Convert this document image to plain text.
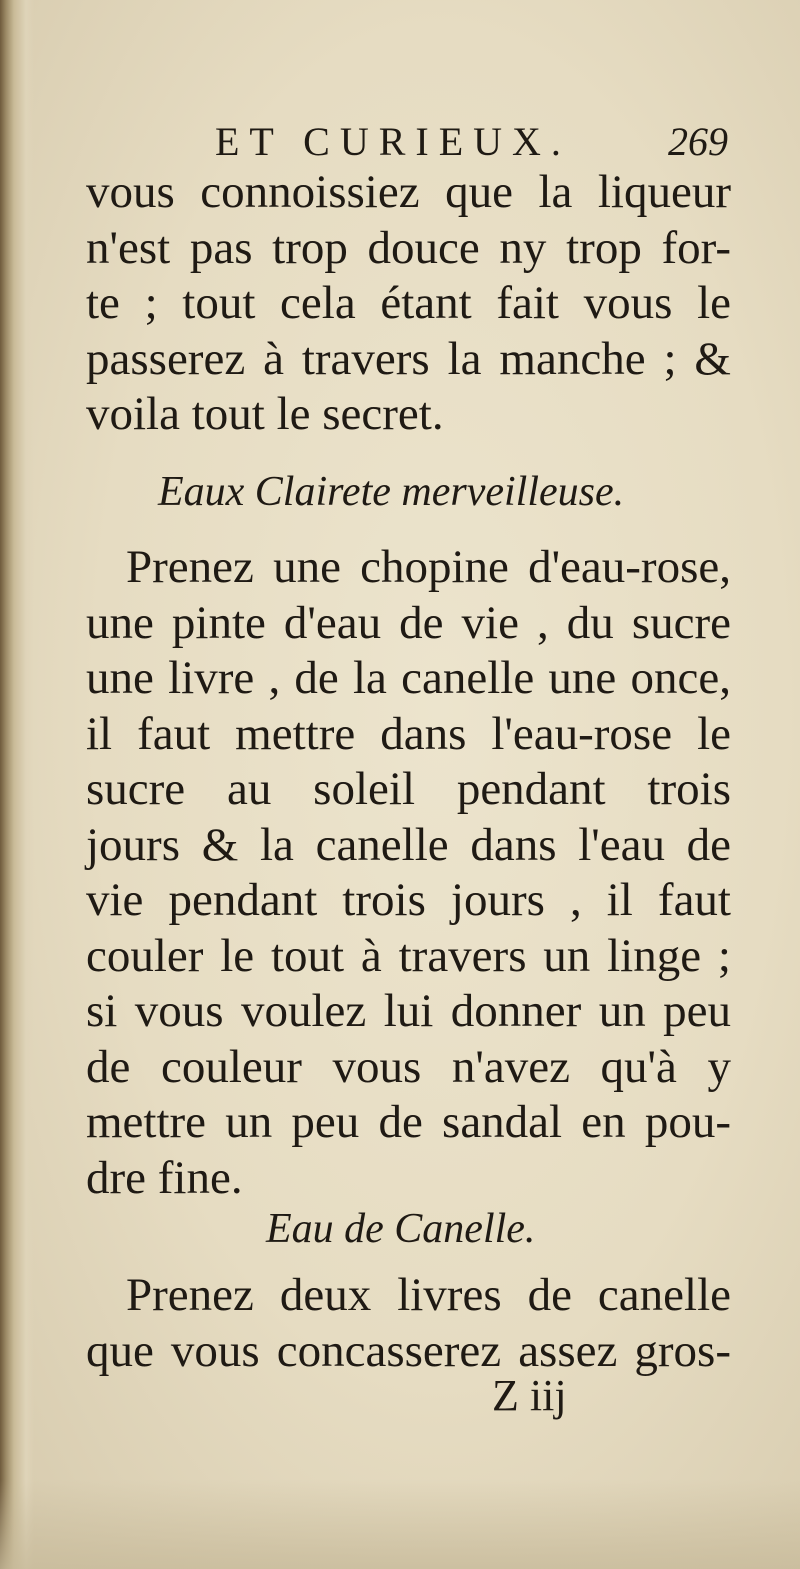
ET CURIEUX. 269
vous connoissiez que la liqueur
n'est pas trop douce ny trop for-
te ; tout cela étant fait vous le
passerez à travers la manche ; &
voila tout le secret.
Eaux Clairete merveilleuse.
Prenez une chopine d'eau-rose,
une pinte d'eau de vie , du sucre
une livre , de la canelle une once,
il faut mettre dans l'eau-rose le
sucre au soleil pendant trois
jours & la canelle dans l'eau de
vie pendant trois jours , il faut
couler le tout à travers un linge ;
si vous voulez lui donner un peu
de couleur vous n'avez qu'à y
mettre un peu de sandal en pou-
dre fine.
Eau de Canelle.
Prenez deux livres de canelle
que vous concasserez assez gros-
Z iij
